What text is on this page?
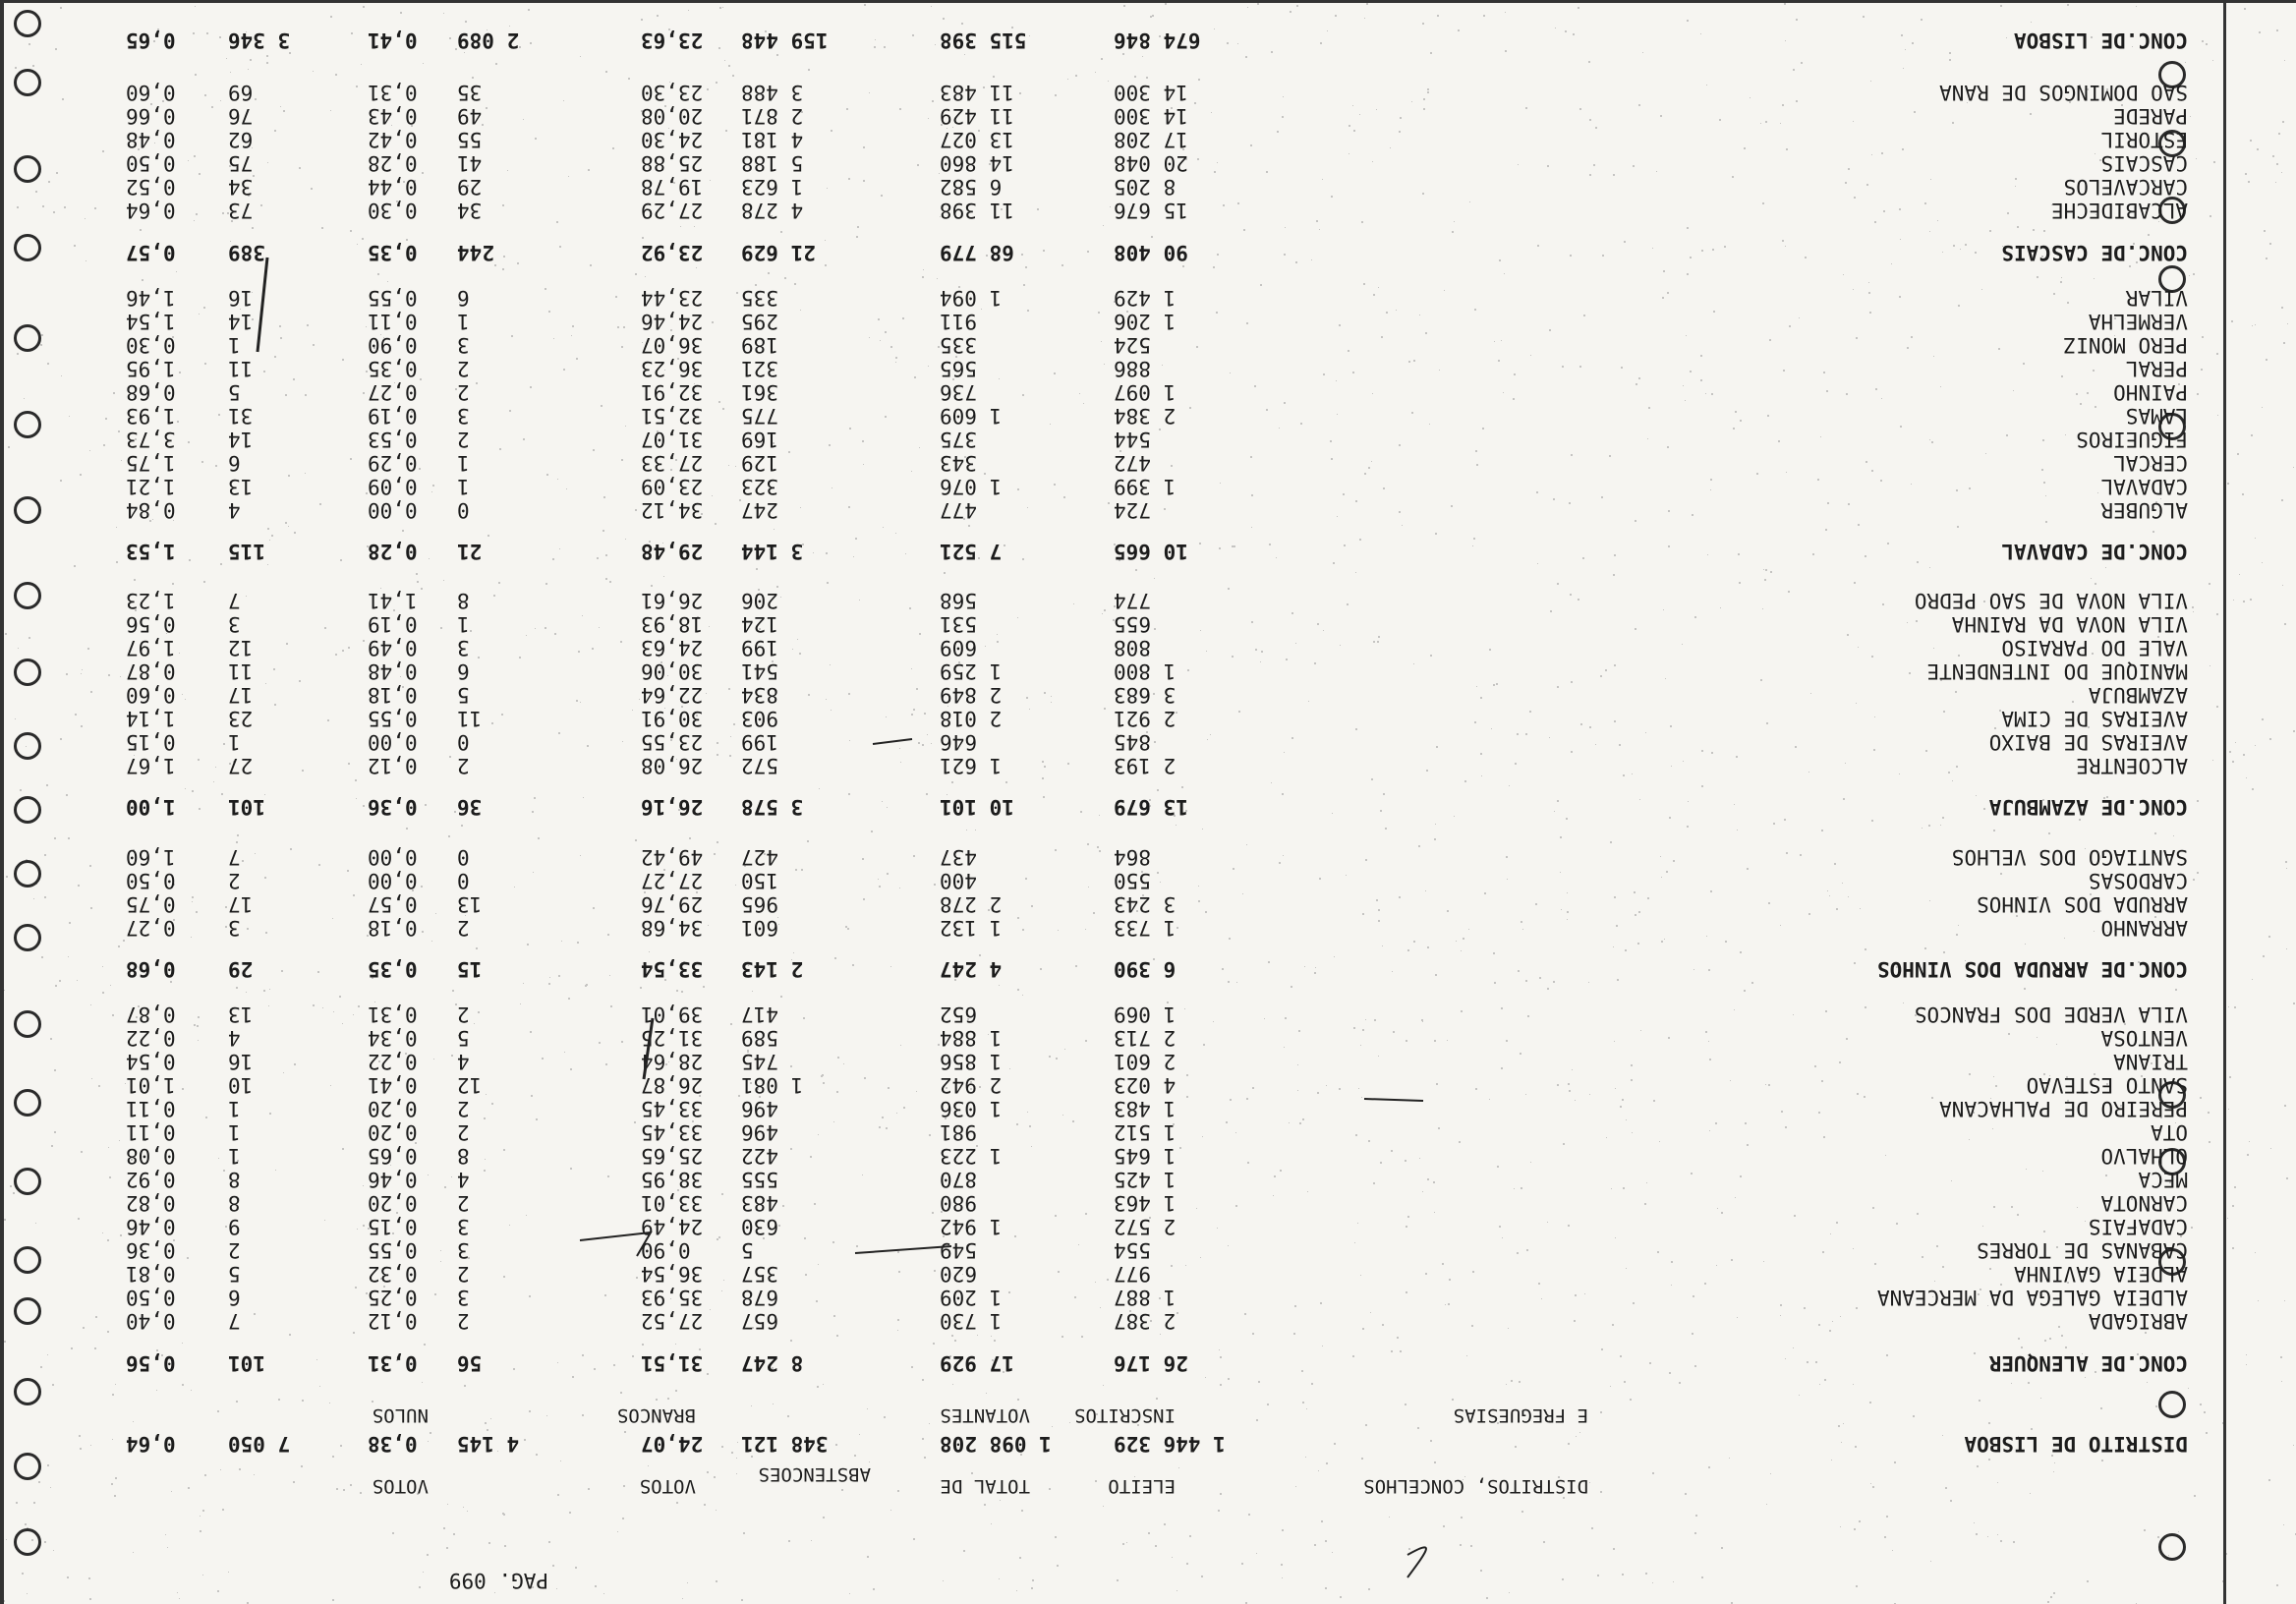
PAG. 099

DISTRITOS, CONCELHOS

E FREGUESIAS

ELEITO

INSCRITOS

TOTAL DE

VOTANTES

ABSTENCOES

VOTOS

BRANCOS

VOTOS

NULOS

DISTRITO DE LISBOA
1 446 329
1 098 208
348 121
24,07
4 145
0,38
7 050
0,64
CONC.DE ALENQUER
26 176
17 929
8 247
31,51
56
0,31
101
0,56
ABRIGADA
2 387
1 730
657
27,52
2
0,12
7
0,40
ALDEIA GALEGA DA MERCEANA
1 887
1 209
678
35,93
3
0,25
6
0,50
ALDEIA GAVINHA
977
620
357
36,54
2
0,32
5
0,81
CABANAS DE TORRES
554
549
5
0,90
3
0,55
2
0,36
CADAFAIS
2 572
1 942
630
24,49
3
0,15
9
0,46
CARNOTA
1 463
980
483
33,01
2
0,20
8
0,82
MECA
1 425
870
555
38,95
4
0,46
8
0,92
OLHALVO
1 645
1 223
422
25,65
8
0,65
1
0,08
OTA
1 512
981
496
33,45
2
0,20
1
0,11
PEREIRO DE PALHACANA
1 483
1 036
496
33,45
2
0,20
1
0,11
SANTO ESTEVAO
4 023
2 942
1 081
26,87
12
0,41
10
1,01
TRIANA
2 601
1 856
745
28,64
4
0,22
16
0,54
VENTOSA
2 713
1 884
589
31,25
5
0,34
4
0,22
VILA VERDE DOS FRANCOS
1 069
652
417
39,01
2
0,31
13
0,87
CONC.DE ARRUDA DOS VINHOS
6 390
4 247
2 143
33,54
15
0,35
29
0,68
ARRANHO
1 733
1 132
601
34,68
2
0,18
3
0,27
ARRUDA DOS VINHOS
3 243
2 278
965
29,76
13
0,57
17
0,75
CARDOSAS
550
400
150
27,27
0
0,00
2
0,50
SANTIAGO DOS VELHOS
864
437
427
49,42
0
0,00
7
1,60
CONC.DE AZAMBUJA
13 679
10 101
3 578
26,16
36
0,36
101
1,00
ALCOENTRE
2 193
1 621
572
26,08
2
0,12
27
1,67
AVEIRAS DE BAIXO
845
646
199
23,55
0
0,00
1
0,15
AVEIRAS DE CIMA
2 921
2 018
903
30,91
11
0,55
23
1,14
AZAMBUJA
3 683
2 849
834
22,64
5
0,18
17
0,60
MANIQUE DO INTENDENTE
1 800
1 259
541
30,06
6
0,48
11
0,87
VALE DO PARAISO
808
609
199
24,63
3
0,49
12
1,97
VILA NOVA DA RAINHA
655
531
124
18,93
1
0,19
3
0,56
VILA NOVA DE SAO PEDRO
774
568
206
26,61
8
1,41
7
1,23
CONC.DE CADAVAL
10 665
7 521
3 144
29,48
21
0,28
115
1,53
ALGUBER
724
477
247
34,12
0
0,00
4
0,84
CADAVAL
1 399
1 076
323
23,09
1
0,09
13
1,21
CERCAL
472
343
129
27,33
1
0,29
6
1,75
FIGUEIROS
544
375
169
31,07
2
0,53
14
3,73
LAMAS
2 384
1 609
775
32,51
3
0,19
31
1,93
PAINHO
1 097
736
361
32,91
2
0,27
5
0,68
PERAL
886
565
321
36,23
2
0,35
11
1,95
PERO MONIZ
524
335
189
36,07
3
0,90
1
0,30
VERMELHA
1 206
911
295
24,46
1
0,11
14
1,54
VILAR
1 429
1 094
335
23,44
6
0,55
16
1,46
CONC.DE CASCAIS
90 408
68 779
21 629
23,92
244
0,35
389
0,57
ALCABIDECHE
15 676
11 398
4 278
27,29
34
0,30
73
0,64
CARCAVELOS
8 205
6 582
1 623
19,78
29
0,44
34
0,52
CASCAIS
20 048
14 860
5 188
25,88
41
0,28
75
0,50
ESTORIL
17 208
13 027
4 181
24,30
55
0,42
62
0,48
PAREDE
14 300
11 429
2 871
20,08
49
0,43
76
0,66
SAO DOMINGOS DE RANA
14 300
11 483
3 488
23,30
35
0,31
69
0,60
CONC.DE LISBOA
674 846
515 398
159 448
23,63
2 089
0,41
3 346
0,65
